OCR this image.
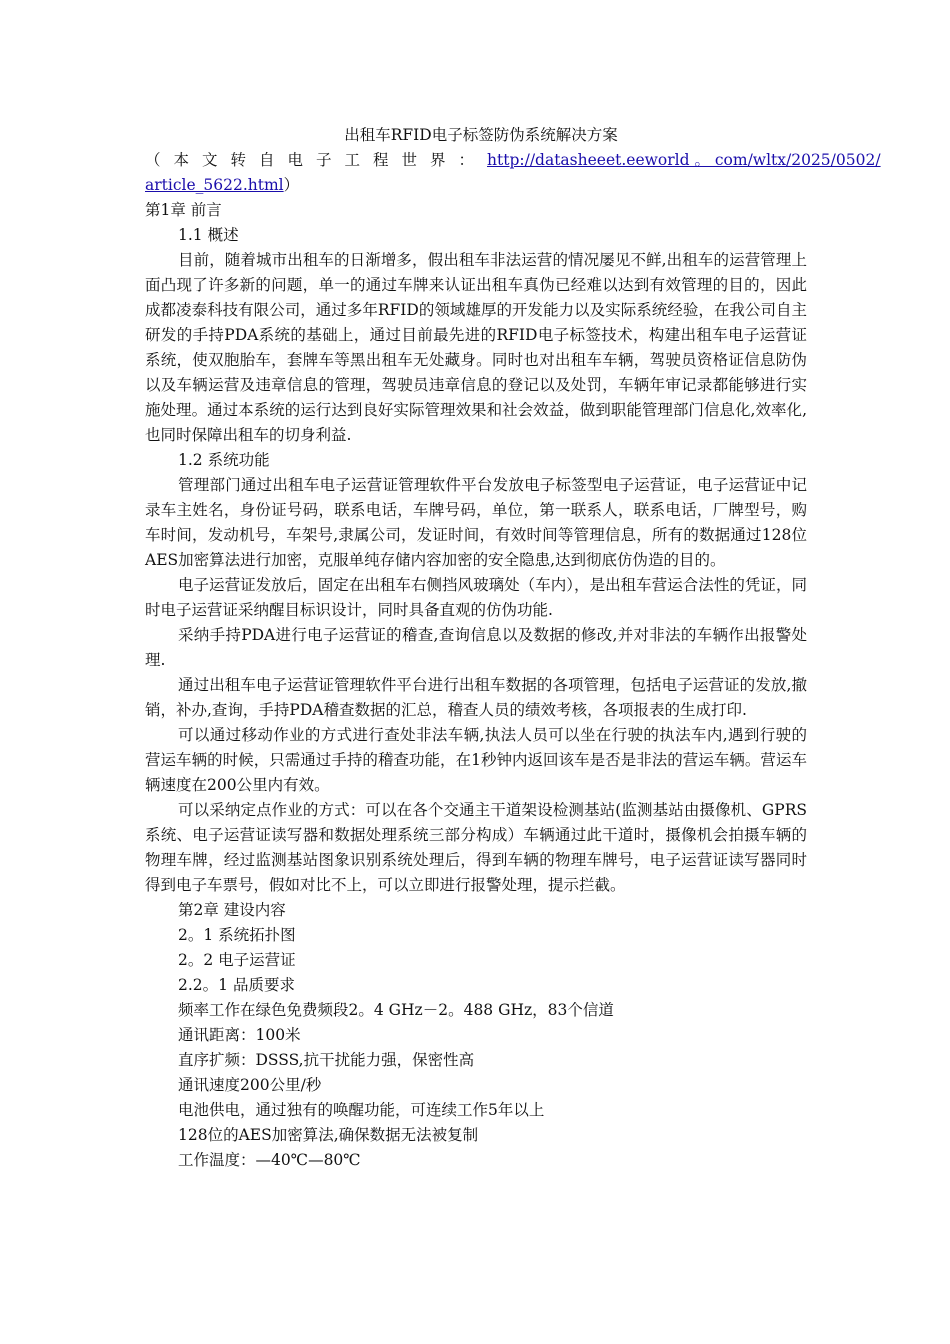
出租车RFID电子标签防伪系统解决方案
（本文转自电子工程世界： http://datasheeet.eeworld 。 com/wltx/2025/0502/
article_5622.html）
第1章 前言
1.1 概述

目前，随着城市出租车的日渐增多，假出租车非法运营的情况屡见不鲜,出租车的运营管理上面凸现了许多新的问题，单一的通过车牌来认证出租车真伪已经难以达到有效管理的目的，因此成都凌泰科技有限公司，通过多年RFID的领域雄厚的开发能力以及实际系统经验，在我公司自主研发的手持PDA系统的基础上，通过目前最先进的RFID电子标签技术，构建出租车电子运营证系统，使双胞胎车，套牌车等黑出租车无处藏身。同时也对出租车车辆，驾驶员资格证信息防伪以及车辆运营及违章信息的管理，驾驶员违章信息的登记以及处罚，车辆年审记录都能够进行实施处理。通过本系统的运行达到良好实际管理效果和社会效益，做到职能管理部门信息化,效率化,也同时保障出租车的切身利益.

1.2 系统功能

管理部门通过出租车电子运营证管理软件平台发放电子标签型电子运营证，电子运营证中记录车主姓名，身份证号码，联系电话，车牌号码，单位，第一联系人，联系电话，厂牌型号，购车时间，发动机号，车架号,隶属公司，发证时间，有效时间等管理信息，所有的数据通过128位AES加密算法进行加密，克服单纯存储内容加密的安全隐患,达到彻底仿伪造的目的。

电子运营证发放后，固定在出租车右侧挡风玻璃处（车内），是出租车营运合法性的凭证，同时电子运营证采纳醒目标识设计，同时具备直观的仿伪功能.

采纳手持PDA进行电子运营证的稽查,查询信息以及数据的修改,并对非法的车辆作出报警处理.

通过出租车电子运营证管理软件平台进行出租车数据的各项管理，包括电子运营证的发放,撤销，补办,查询，手持PDA稽查数据的汇总，稽查人员的绩效考核，各项报表的生成打印.

可以通过移动作业的方式进行查处非法车辆,执法人员可以坐在行驶的执法车内,遇到行驶的营运车辆的时候，只需通过手持的稽查功能，在1秒钟内返回该车是否是非法的营运车辆。营运车辆速度在200公里内有效。

可以采纳定点作业的方式：可以在各个交通主干道架设检测基站(监测基站由摄像机、GPRS系统、电子运营证读写器和数据处理系统三部分构成）车辆通过此干道时，摄像机会拍摄车辆的物理车牌，经过监测基站图象识别系统处理后，得到车辆的物理车牌号，电子运营证读写器同时得到电子车票号，假如对比不上，可以立即进行报警处理，提示拦截。

第2章 建设内容
2。1 系统拓扑图
2。2 电子运营证
2.2。1 品质要求
频率工作在绿色免费频段2。4 GHz－2。488 GHz，83个信道
通讯距离：100米
直序扩频：DSSS,抗干扰能力强，保密性高
通讯速度200公里/秒
电池供电，通过独有的唤醒功能，可连续工作5年以上
128位的AES加密算法,确保数据无法被复制
工作温度：—40℃—80℃
